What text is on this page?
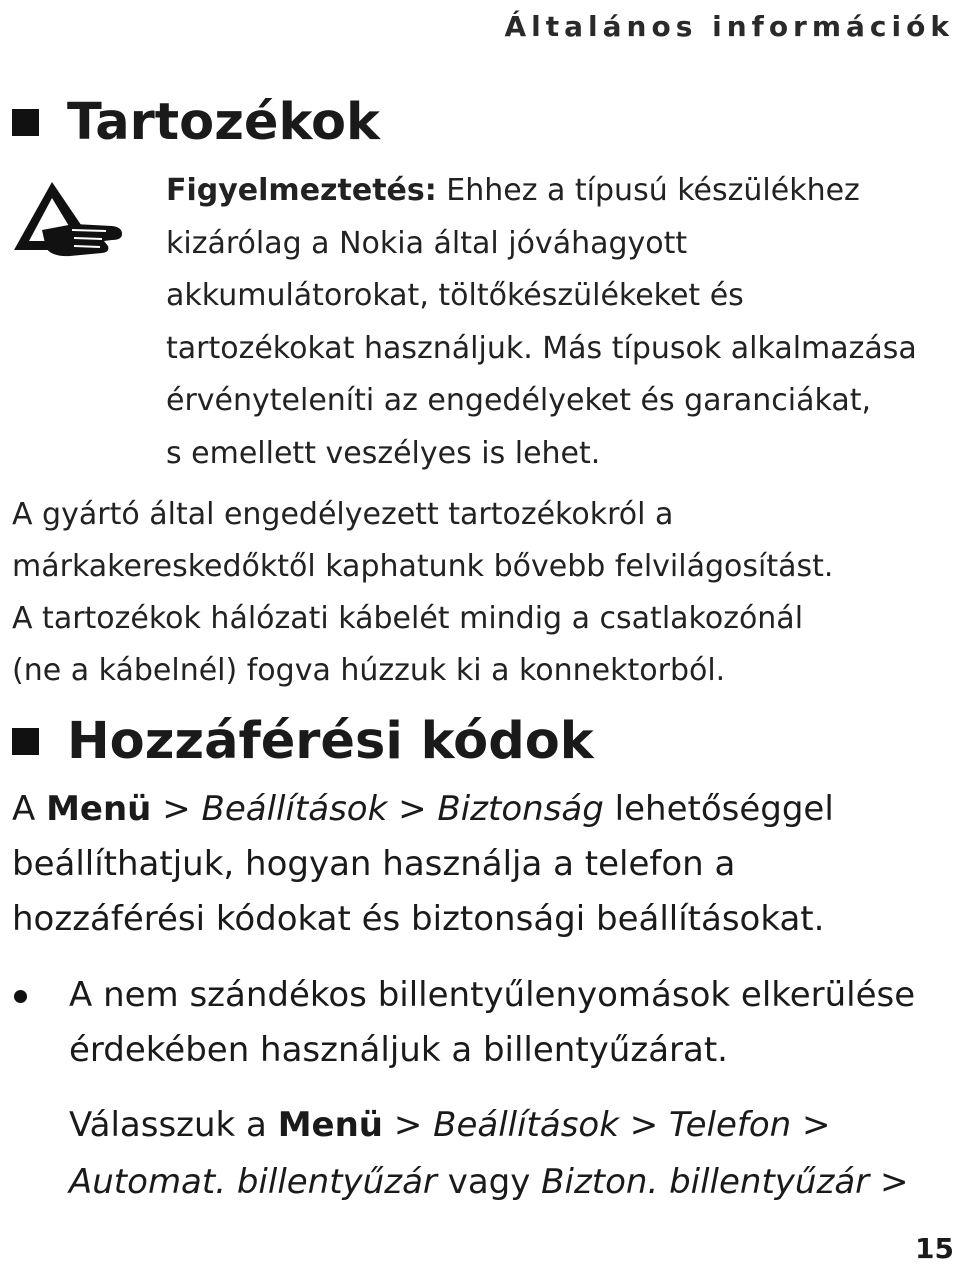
Általános információk
Tartozékok
Figyelmeztetés: Ehhez a típusú készülékhez
kizárólag a Nokia által jóváhagyott
akkumulátorokat, töltőkészülékeket és
tartozékokat használjuk. Más típusok alkalmazása
érvényteleníti az engedélyeket és garanciákat,
s emellett veszélyes is lehet.
A gyártó által engedélyezett tartozékokról a
márkakereskedőktől kaphatunk bővebb felvilágosítást.
A tartozékok hálózati kábelét mindig a csatlakozónál
(ne a kábelnél) fogva húzzuk ki a konnektorból.
Hozzáférési kódok
A Menü > Beállítások > Biztonság lehetőséggel
beállíthatjuk, hogyan használja a telefon a
hozzáférési kódokat és biztonsági beállításokat.
A nem szándékos billentyűlenyomások elkerülése
érdekében használjuk a billentyűzárat.
Válasszuk a Menü > Beállítások > Telefon >
Automat. billentyűzár vagy Bizton. billentyűzár >
15
